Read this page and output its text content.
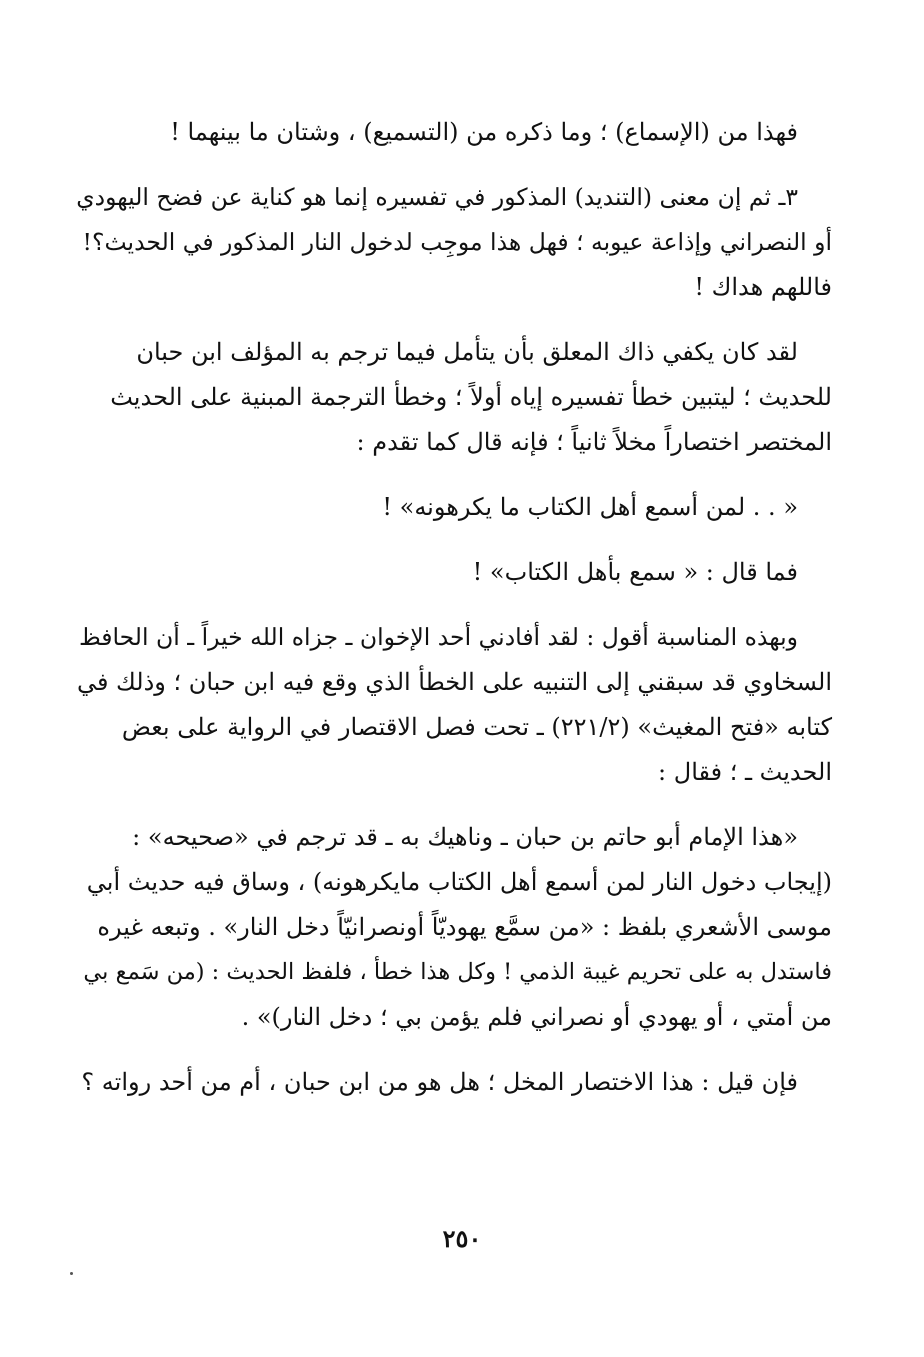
فهذا من (الإسماع) ؛ وما ذكره من (التسميع) ، وشتان ما بينهما !
٣ـ ثم إن معنى (التنديد) المذكور في تفسيره إنما هو كناية عن فضح اليهودي
أو النصراني وإذاعة عيوبه ؛ فهل هذا موجِب لدخول النار المذكور في الحديث؟!
فاللهم هداك !
لقد كان يكفي ذاك المعلق بأن يتأمل فيما ترجم به المؤلف ابن حبان
للحديث ؛ ليتبين خطأ تفسيره إياه أولاً ؛ وخطأ الترجمة المبنية على الحديث
المختصر اختصاراً مخلاً ثانياً ؛ فإنه قال كما تقدم :
« . . لمن أسمع أهل الكتاب ما يكرهونه» !
فما قال : « سمع بأهل الكتاب» !
وبهذه المناسبة أقول : لقد أفادني أحد الإخوان ـ جزاه الله خيراً ـ أن الحافظ
السخاوي قد سبقني إلى التنبيه على الخطأ الذي وقع فيه ابن حبان ؛ وذلك في
كتابه «فتح المغيث» (٢٢١/٢) ـ تحت فصل الاقتصار في الرواية على بعض
الحديث ـ ؛ فقال :
«هذا الإمام أبو حاتم بن حبان ـ وناهيك به ـ قد ترجم في «صحيحه» :
(إيجاب دخول النار لمن أسمع أهل الكتاب مايكرهونه) ، وساق فيه حديث أبي
موسى الأشعري بلفظ : «من سمَّع يهوديّاً أونصرانيّاً دخل النار» . وتبعه غيره
فاستدل به على تحريم غيبة الذمي ! وكل هذا خطأ ، فلفظ الحديث : (من سَمع بي
من أمتي ، أو يهودي أو نصراني فلم يؤمن بي ؛ دخل النار)» .
فإن قيل : هذا الاختصار المخل ؛ هل هو من ابن حبان ، أم من أحد رواته ؟
٢٥٠
